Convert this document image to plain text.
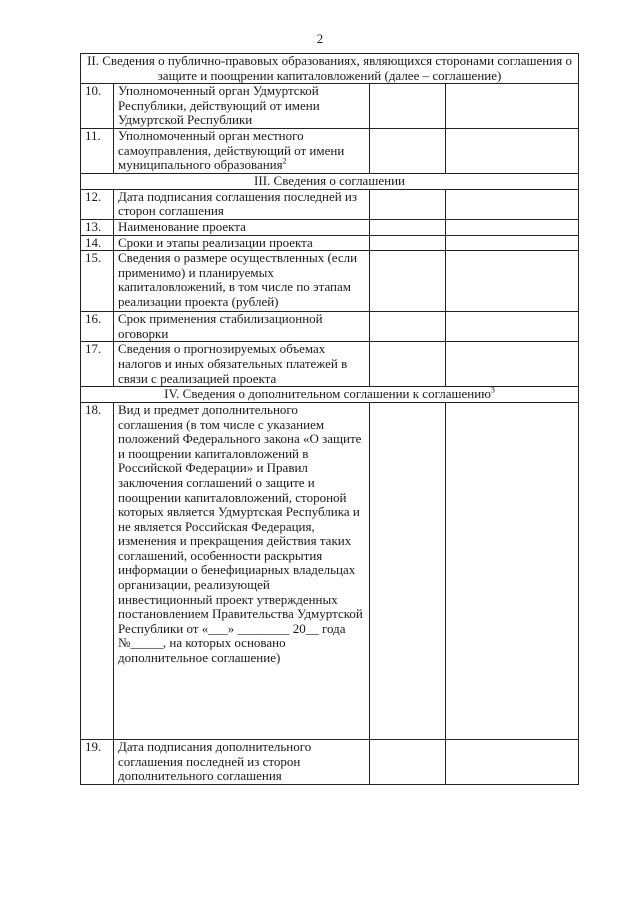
2
II. Сведения о публично-правовых образованиях, являющихся сторонами соглашения о защите и поощрении капиталовложений (далее – соглашение)			
10.	Уполномоченный орган Удмуртской Республики, действующий от имени Удмуртской Республики		
11.	Уполномоченный орган местного самоуправления, действующий от имени муниципального образования$^2$		
III. Сведения о соглашении			
12.	Дата подписания соглашения последней из сторон соглашения		
13.	Наименование проекта		
14.	Сроки и этапы реализации проекта		
15.	Сведения о размере осуществленных (если применимо) и планируемых капиталовложений, в том числе по этапам реализации проекта (рублей)		
16.	Срок применения стабилизационной оговорки		
17.	Сведения о прогнозируемых объемах налогов и иных обязательных платежей в связи с реализацией проекта		
IV. Сведения о дополнительном соглашении к соглашению$^3$
18.	Вид и предмет дополнительного соглашения (в том числе с указанием положений Федерального закона «О защите и поощрении капиталовложений в Российской Федерации» и Правил заключения соглашений о защите и поощрении капиталовложений, стороной которых является Удмуртская Республика и не является Российская Федерация, изменения и прекращения действия таких соглашений, особенности раскрытия информации о бенефициарных владельцах организации, реализующей инвестиционный проект утвержденных постановлением Правительства Удмуртской Республики от «___» ________ 20__ года №_____, на которых основано дополнительное соглашение)		
19.	Дата подписания дополнительного соглашения последней из сторон дополнительного соглашения		
